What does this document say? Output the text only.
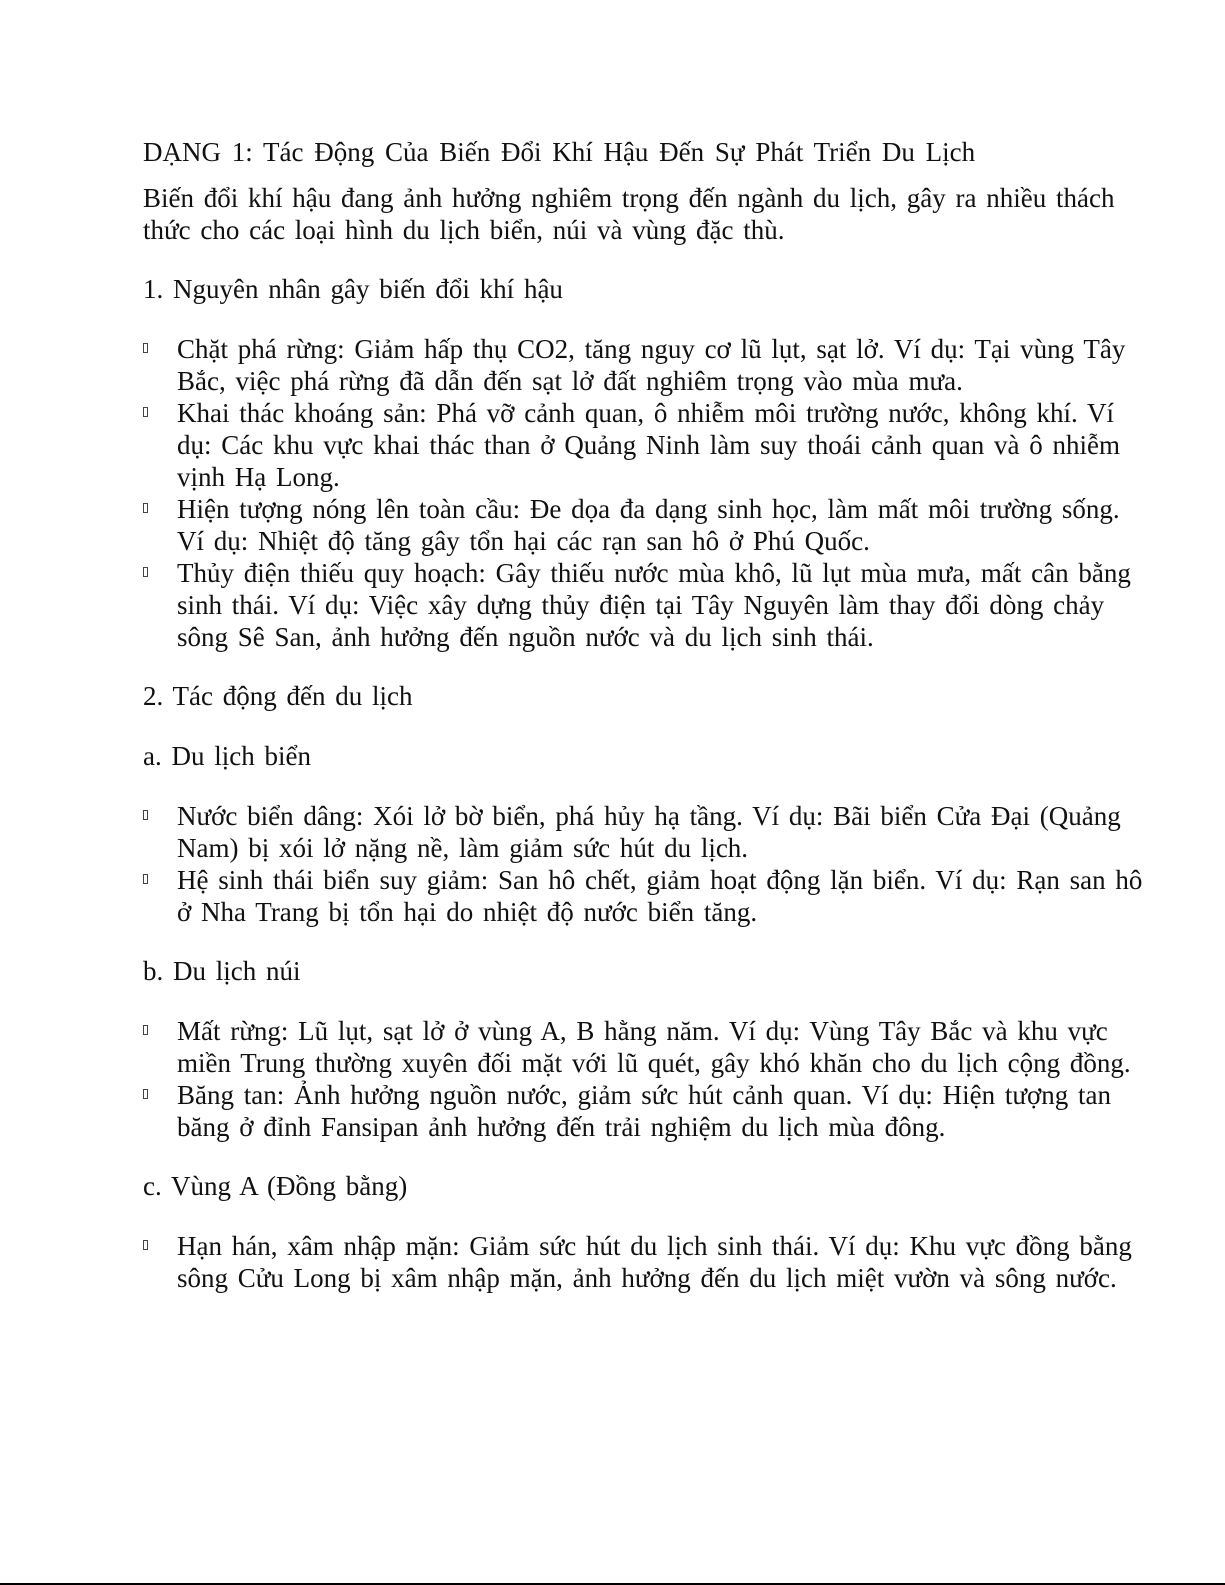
DẠNG 1: Tác Động Của Biến Đổi Khí Hậu Đến Sự Phát Triển Du Lịch

Biến đổi khí hậu đang ảnh hưởng nghiêm trọng đến ngành du lịch, gây ra nhiều thách thức cho các loại hình du lịch biển, núi và vùng đặc thù.

1. Nguyên nhân gây biến đổi khí hậu

Chặt phá rừng: Giảm hấp thụ CO2, tăng nguy cơ lũ lụt, sạt lở. Ví dụ: Tại vùng Tây Bắc, việc phá rừng đã dẫn đến sạt lở đất nghiêm trọng vào mùa mưa.
Khai thác khoáng sản: Phá vỡ cảnh quan, ô nhiễm môi trường nước, không khí. Ví dụ: Các khu vực khai thác than ở Quảng Ninh làm suy thoái cảnh quan và ô nhiễm vịnh Hạ Long.
Hiện tượng nóng lên toàn cầu: Đe dọa đa dạng sinh học, làm mất môi trường sống. Ví dụ: Nhiệt độ tăng gây tổn hại các rạn san hô ở Phú Quốc.
Thủy điện thiếu quy hoạch: Gây thiếu nước mùa khô, lũ lụt mùa mưa, mất cân bằng sinh thái. Ví dụ: Việc xây dựng thủy điện tại Tây Nguyên làm thay đổi dòng chảy sông Sê San, ảnh hưởng đến nguồn nước và du lịch sinh thái.

2. Tác động đến du lịch

a. Du lịch biển

Nước biển dâng: Xói lở bờ biển, phá hủy hạ tầng. Ví dụ: Bãi biển Cửa Đại (Quảng Nam) bị xói lở nặng nề, làm giảm sức hút du lịch.
Hệ sinh thái biển suy giảm: San hô chết, giảm hoạt động lặn biển. Ví dụ: Rạn san hô ở Nha Trang bị tổn hại do nhiệt độ nước biển tăng.

b. Du lịch núi

Mất rừng: Lũ lụt, sạt lở ở vùng A, B hằng năm. Ví dụ: Vùng Tây Bắc và khu vực miền Trung thường xuyên đối mặt với lũ quét, gây khó khăn cho du lịch cộng đồng.
Băng tan: Ảnh hưởng nguồn nước, giảm sức hút cảnh quan. Ví dụ: Hiện tượng tan băng ở đỉnh Fansipan ảnh hưởng đến trải nghiệm du lịch mùa đông.

c. Vùng A (Đồng bằng)

Hạn hán, xâm nhập mặn: Giảm sức hút du lịch sinh thái. Ví dụ: Khu vực đồng bằng sông Cửu Long bị xâm nhập mặn, ảnh hưởng đến du lịch miệt vườn và sông nước.
